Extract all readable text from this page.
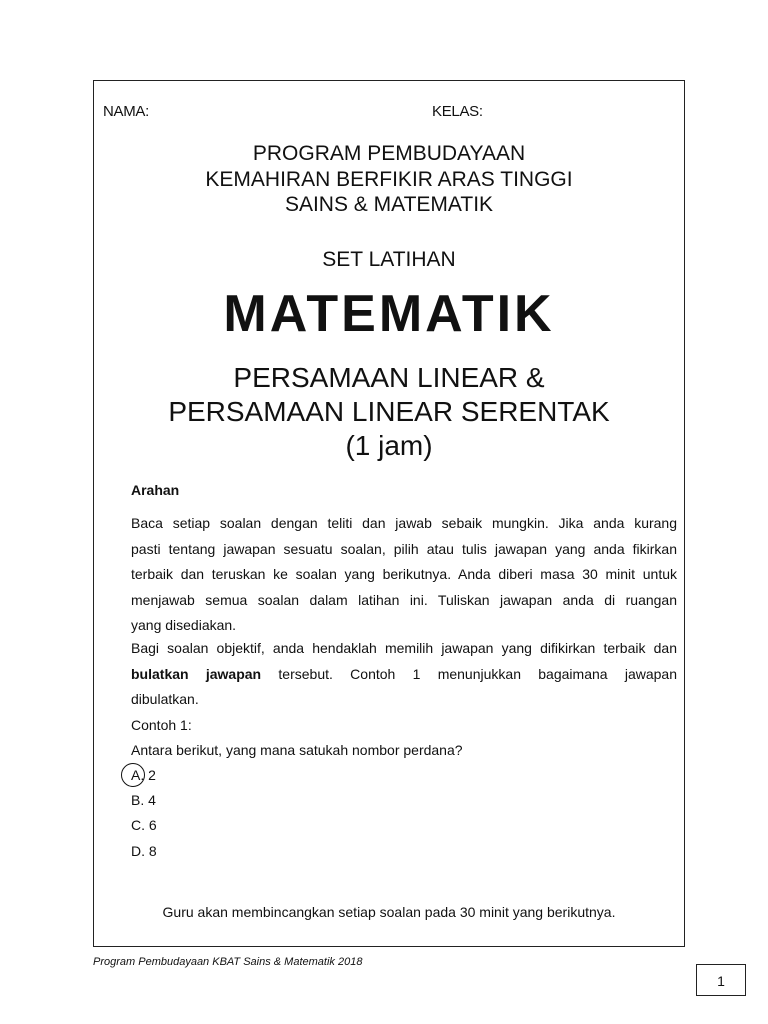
NAMA:	KELAS:
PROGRAM PEMBUDAYAAN
KEMAHIRAN BERFIKIR ARAS TINGGI
SAINS & MATEMATIK
SET LATIHAN
MATEMATIK
PERSAMAAN LINEAR &
PERSAMAAN LINEAR SERENTAK
(1 jam)
Arahan
Baca setiap soalan dengan teliti dan jawab sebaik mungkin. Jika anda kurang
pasti tentang jawapan sesuatu soalan, pilih atau tulis jawapan yang anda fikirkan
terbaik dan teruskan ke soalan yang berikutnya. Anda diberi masa 30 minit untuk
menjawab semua soalan dalam latihan ini. Tuliskan jawapan anda di ruangan
yang disediakan.
Bagi soalan objektif, anda hendaklah memilih jawapan yang difikirkan terbaik dan
bulatkan jawapan tersebut. Contoh 1 menunjukkan bagaimana jawapan
dibulatkan.
Contoh 1:
Antara berikut, yang mana satukah nombor perdana?
A. 2
B. 4
C. 6
D. 8
Guru akan membincangkan setiap soalan pada 30 minit yang berikutnya.
Program Pembudayaan KBAT Sains & Matematik 2018
1
